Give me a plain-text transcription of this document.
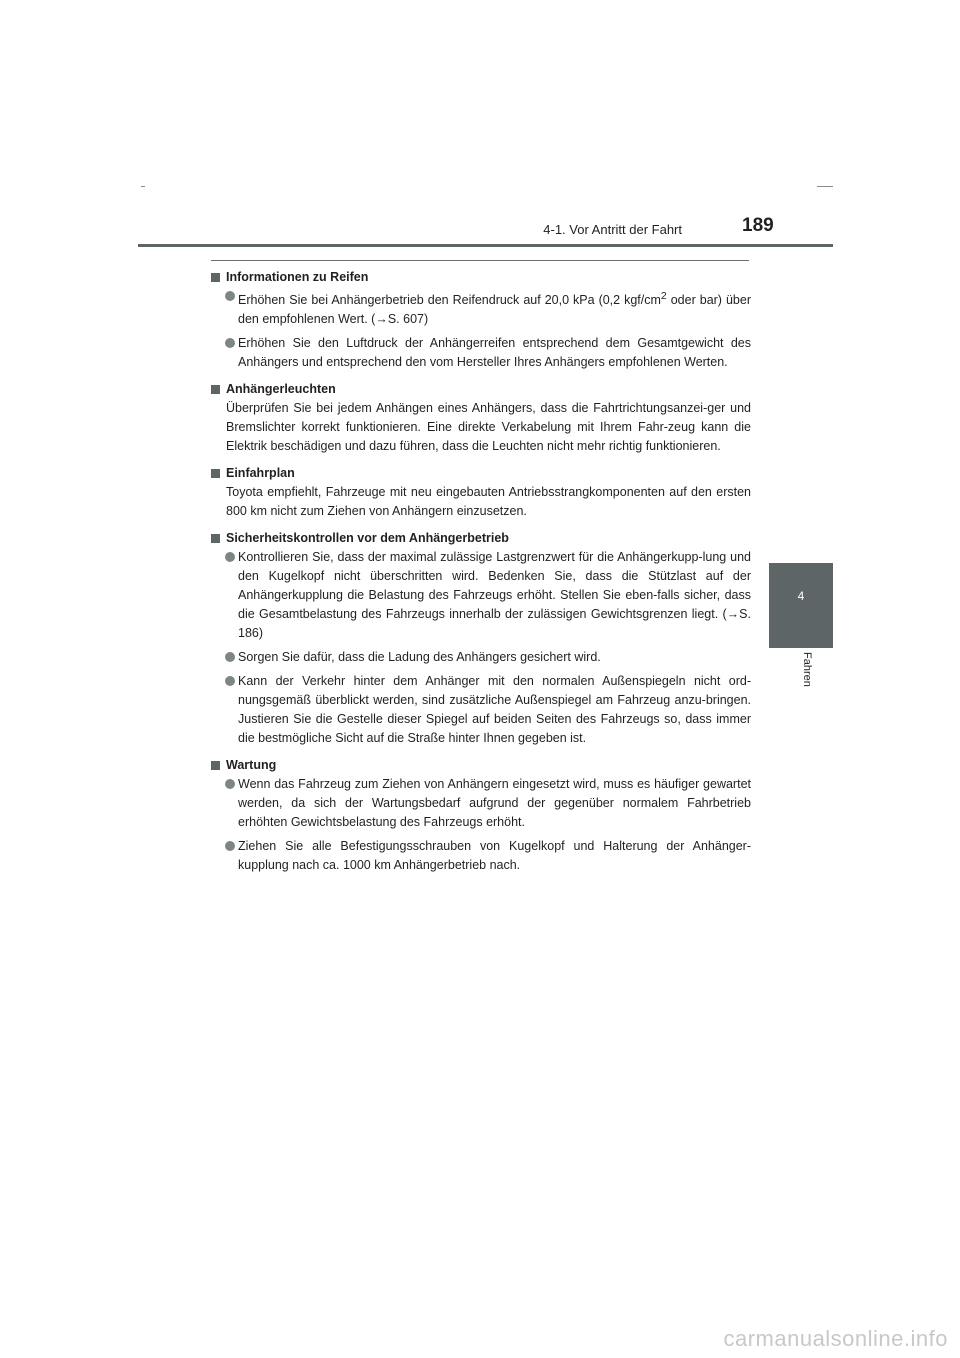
4-1. Vor Antritt der Fahrt	189
4
Fahren

Informationen zu Reifen

Erhöhen Sie bei Anhängerbetrieb den Reifendruck auf 20,0 kPa (0,2 kgf/$cm^2$ oder bar) über den empfohlenen Wert. (→S. 607)

Erhöhen Sie den Luftdruck der Anhängerreifen entsprechend dem Gesamtgewicht des Anhängers und entsprechend den vom Hersteller Ihres Anhängers empfohlenen Werten.

Anhängerleuchten

Überprüfen Sie bei jedem Anhängen eines Anhängers, dass die Fahrtrichtungsanzei-ger und Bremslichter korrekt funktionieren. Eine direkte Verkabelung mit Ihrem Fahr-zeug kann die Elektrik beschädigen und dazu führen, dass die Leuchten nicht mehr richtig funktionieren.

Einfahrplan

Toyota empfiehlt, Fahrzeuge mit neu eingebauten Antriebsstrangkomponenten auf den ersten 800 km nicht zum Ziehen von Anhängern einzusetzen.

Sicherheitskontrollen vor dem Anhängerbetrieb

Kontrollieren Sie, dass der maximal zulässige Lastgrenzwert für die Anhängerkupp-lung und den Kugelkopf nicht überschritten wird. Bedenken Sie, dass die Stützlast auf der Anhängerkupplung die Belastung des Fahrzeugs erhöht. Stellen Sie eben-falls sicher, dass die Gesamtbelastung des Fahrzeugs innerhalb der zulässigen Gewichtsgrenzen liegt. (→S. 186)

Sorgen Sie dafür, dass die Ladung des Anhängers gesichert wird.

Kann der Verkehr hinter dem Anhänger mit den normalen Außenspiegeln nicht ord-nungsgemäß überblickt werden, sind zusätzliche Außenspiegel am Fahrzeug anzu-bringen. Justieren Sie die Gestelle dieser Spiegel auf beiden Seiten des Fahrzeugs so, dass immer die bestmögliche Sicht auf die Straße hinter Ihnen gegeben ist.

Wartung

Wenn das Fahrzeug zum Ziehen von Anhängern eingesetzt wird, muss es häufiger gewartet werden, da sich der Wartungsbedarf aufgrund der gegenüber normalem Fahrbetrieb erhöhten Gewichtsbelastung des Fahrzeugs erhöht.

Ziehen Sie alle Befestigungsschrauben von Kugelkopf und Halterung der Anhänger-kupplung nach ca. 1000 km Anhängerbetrieb nach.

carmanualsonline.info
